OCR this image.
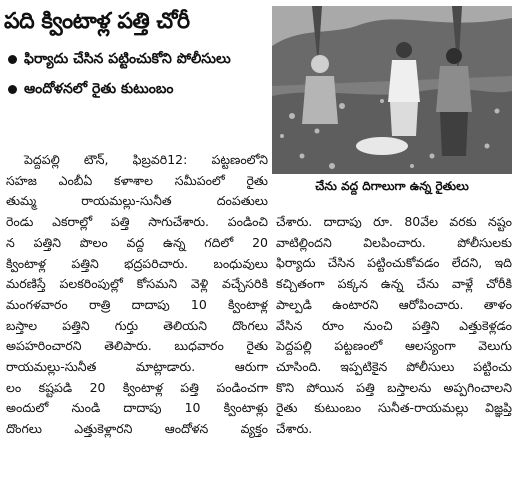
పది క్వింటాళ్ల పత్తి చోరీ
ఫిర్యాదు చేసిన పట్టించుకోని పోలీసులు
ఆందోళనలో రైతు కుటుంబం
చేను వద్ద దిగాలుగా ఉన్న రైతులు
పెద్దపల్లి టౌన్, ఫిబ్రవరి12: పట్టణంలోని
సహజ ఎంబీఏ కళాశాల సమీపంలో రైతు
తుమ్మ రాయమల్లు-సునీత దంపతులు
రెండు ఎకరాల్లో పత్తి సాగుచేశారు. పండించి
న పత్తిని పొలం వద్ద ఉన్న గదిలో 20
క్వింటాళ్ల పత్తిని భద్రపరిచారు. బంధువులు
మరణిస్తే పలకరింపుల్లో కోసమని వెళ్లి వచ్చేసరికి
మంగళవారం రాత్రి దాదాపు 10 క్వింటాళ్ల
బస్తాల పత్తిని గుర్తు తెలియని దొంగలు
అపహరించారని తెలిపారు. బుధవారం రైతు
రాయమల్లు-సునీత మాట్లాడారు. ఆరుగా
లం కష్టపడి 20 క్వింటాళ్ల పత్తి పండించగా
అందులో నుండి దాదాపు 10 క్వింటాళ్లు
దొంగలు ఎత్తుకెళ్లారని ఆందోళన వ్యక్తం
చేశారు. దాదాపు రూ. 80వేల వరకు నష్టం
వాటిల్లిందని విలపించారు. పోలీసులకు
ఫిర్యాదు చేసిన పట్టించుకోవడం లేదని, ఇది
కచ్చితంగా పక్కన ఉన్న చేను వాళ్లే చోరీకి
పాల్పడి ఉంటారని ఆరోపించారు. తాళం
వేసిన రూం నుంచి పత్తిని ఎత్తుకెళ్లడం
పెద్దపల్లి పట్టణంలో ఆలస్యంగా వెలుగు
చూసింది. ఇప్పటికైన పోలీసులు పట్టించు
కొని పోయిన పత్తి బస్తాలను అప్పగించాలని
రైతు కుటుంబం సునీత-రాయమల్లు విజ్ఞప్తి
చేశారు.
